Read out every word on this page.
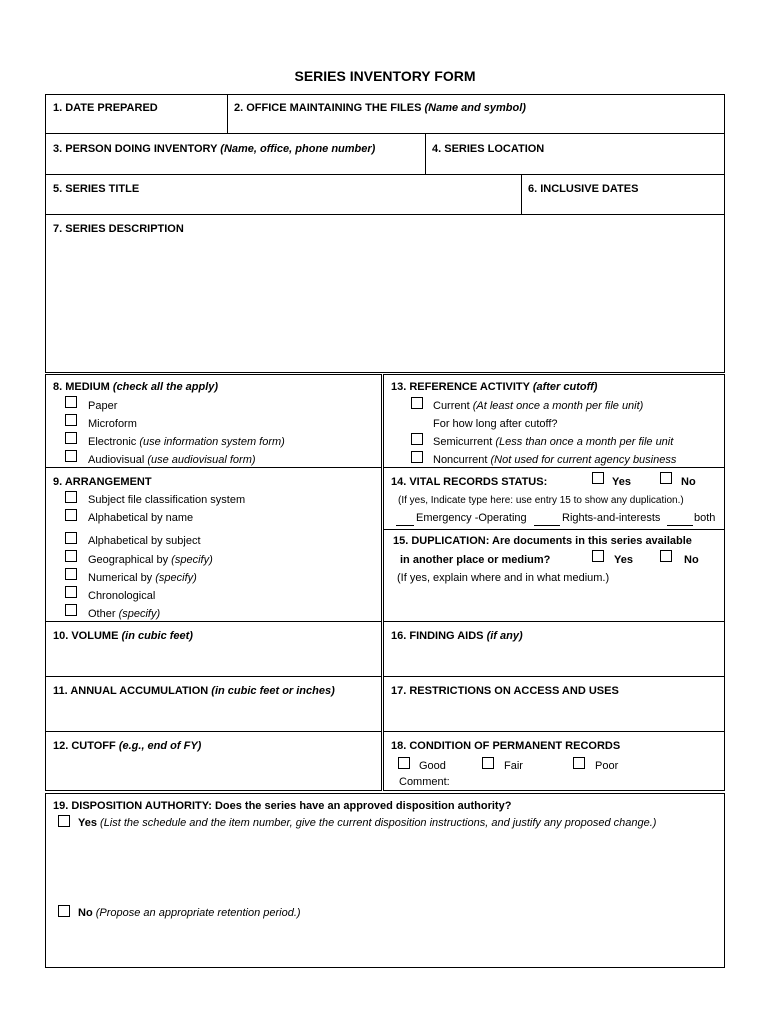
SERIES INVENTORY FORM
1. DATE PREPARED	2. OFFICE MAINTAINING THE FILES (Name and symbol)
3. PERSON DOING INVENTORY (Name, office, phone number)	4. SERIES LOCATION
5. SERIES TITLE	6. INCLUSIVE DATES
7. SERIES DESCRIPTION
8. MEDIUM (check all the apply)
Paper
Microform
Electronic (use information system form)
Audiovisual (use audiovisual form)
9. ARRANGEMENT
Subject file classification system
Alphabetical by name
Alphabetical by subject
Geographical by (specify)
Numerical by (specify)
Chronological
Other (specify)
10. VOLUME (in cubic feet)
11. ANNUAL ACCUMULATION (in cubic feet or inches)
12. CUTOFF (e.g., end of FY)
13. REFERENCE ACTIVITY (after cutoff)
Current (At least once a month per file unit)
For how long after cutoff?
Semicurrent (Less than once a month per file unit
Noncurrent (Not used for current agency business
14. VITAL RECORDS STATUS:	Yes	No
(If yes, Indicate type here: use entry 15 to show any duplication.)
Emergency -Operating	Rights-and-interests	both
15. DUPLICATION: Are documents in this series available
in another place or medium?	Yes	No
(If yes, explain where and in what medium.)
16. FINDING AIDS (if any)
17. RESTRICTIONS ON ACCESS AND USES
18. CONDITION OF PERMANENT RECORDS
Good	Fair	Poor
Comment:
19. DISPOSITION AUTHORITY: Does the series have an approved disposition authority?
Yes (List the schedule and the item number, give the current disposition instructions, and justify any proposed change.)
No (Propose an appropriate retention period.)
